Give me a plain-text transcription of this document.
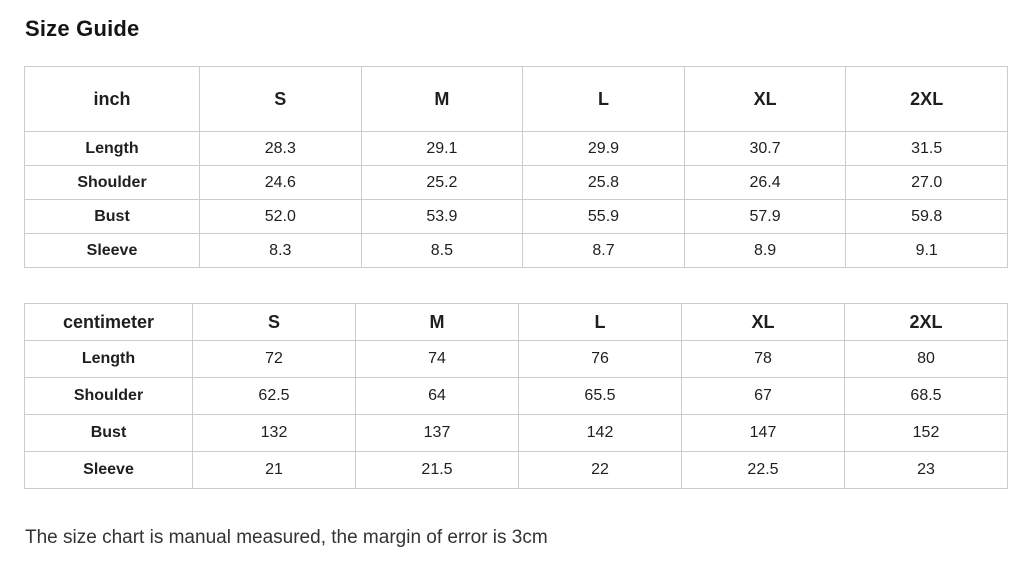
Size Guide
inch	S	M	L	XL	2XL
Length	28.3	29.1	29.9	30.7	31.5
Shoulder	24.6	25.2	25.8	26.4	27.0
Bust	52.0	53.9	55.9	57.9	59.8
Sleeve	8.3	8.5	8.7	8.9	9.1
centimeter	S	M	L	XL	2XL
Length	72	74	76	78	80
Shoulder	62.5	64	65.5	67	68.5
Bust	132	137	142	147	152
Sleeve	21	21.5	22	22.5	23
The size chart is manual measured, the margin of error is 3cm
